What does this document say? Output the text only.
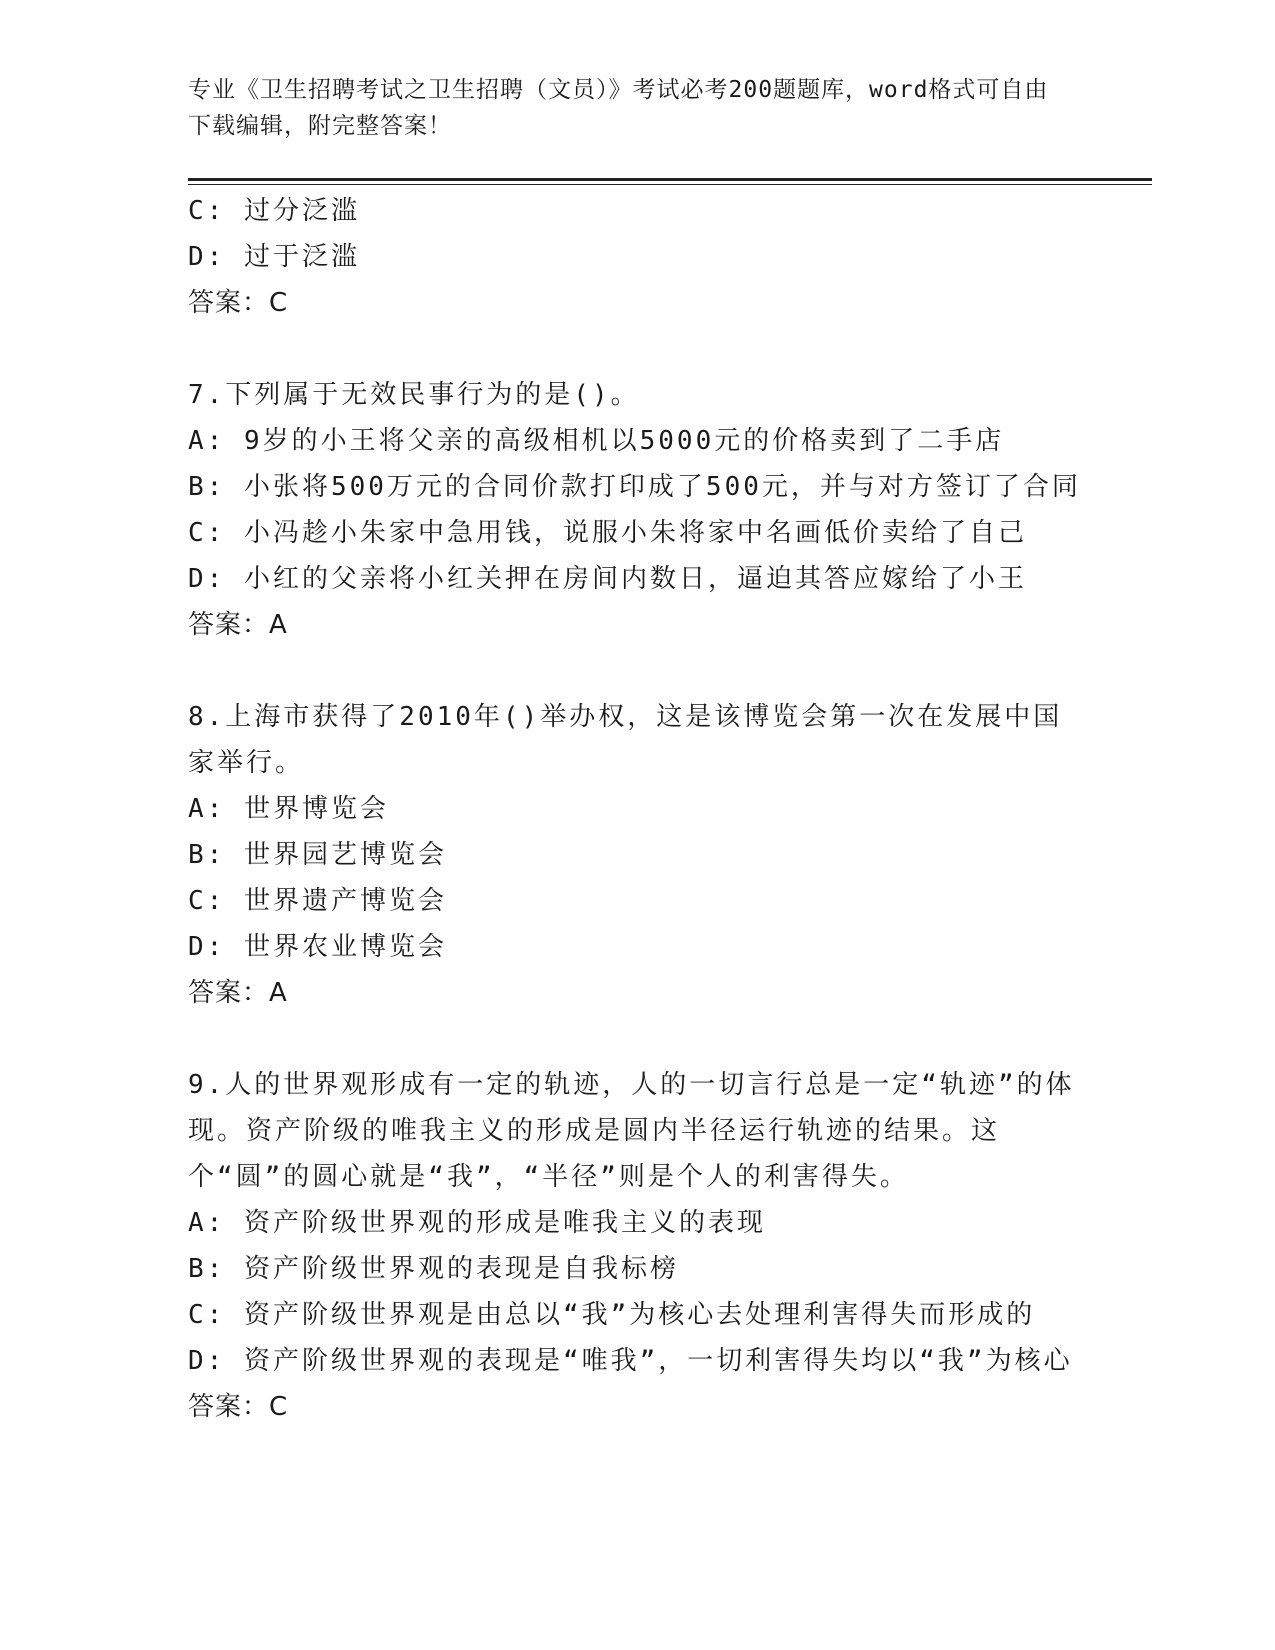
专业《卫生招聘考试之卫生招聘（文员）》考试必考200题题库，word格式可自由下载编辑，附完整答案！
C: 过分泛滥
D: 过于泛滥
答案：C
7.下列属于无效民事行为的是()。
A: 9岁的小王将父亲的高级相机以5000元的价格卖到了二手店
B: 小张将500万元的合同价款打印成了500元，并与对方签订了合同
C: 小冯趁小朱家中急用钱，说服小朱将家中名画低价卖给了自己
D: 小红的父亲将小红关押在房间内数日，逼迫其答应嫁给了小王
答案：A
8.上海市获得了2010年()举办权，这是该博览会第一次在发展中国家举行。
A: 世界博览会
B: 世界园艺博览会
C: 世界遗产博览会
D: 世界农业博览会
答案：A
9.人的世界观形成有一定的轨迹，人的一切言行总是一定“轨迹”的体现。资产阶级的唯我主义的形成是圆内半径运行轨迹的结果。这个“圆”的圆心就是“我”，“半径”则是个人的利害得失。
A: 资产阶级世界观的形成是唯我主义的表现
B: 资产阶级世界观的表现是自我标榜
C: 资产阶级世界观是由总以“我”为核心去处理利害得失而形成的
D: 资产阶级世界观的表现是“唯我”，一切利害得失均以“我”为核心
答案：C
